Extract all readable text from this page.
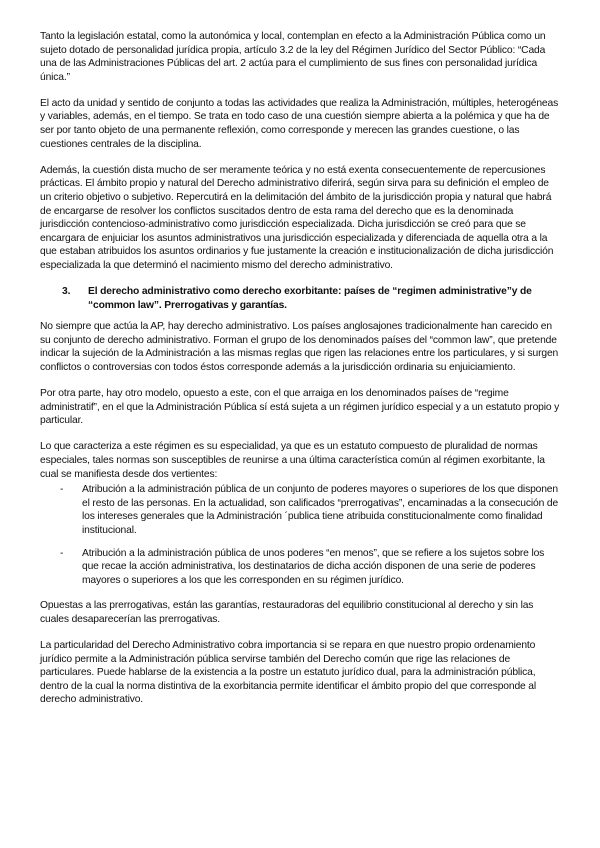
Tanto la legislación estatal, como la autonómica y local, contemplan en efecto a la Administración Pública como un sujeto dotado de personalidad jurídica propia, artículo 3.2 de la ley del Régimen Jurídico del Sector Público: “Cada una de las Administraciones Públicas del art. 2 actúa para el cumplimiento de sus fines con personalidad jurídica única.”

El acto da unidad y sentido de conjunto a todas las actividades que realiza la Administración, múltiples, heterogéneas y variables, además, en el tiempo. Se trata en todo caso de una cuestión siempre abierta a la polémica y que ha de ser por tanto objeto de una permanente reflexión, como corresponde y merecen las grandes cuestione, o las cuestiones centrales de la disciplina.

Además, la cuestión dista mucho de ser meramente teórica y no está exenta consecuentemente de repercusiones prácticas. El ámbito propio y natural del Derecho administrativo diferirá, según sirva para su definición el empleo de un criterio objetivo o subjetivo. Repercutirá en la delimitación del ámbito de la jurisdicción propia y natural que habrá de encargarse de resolver los conflictos suscitados dentro de esta rama del derecho que es la denominada jurisdicción contencioso-administrativo como jurisdicción especializada. Dicha jurisdicción se creó para que se encargara de enjuiciar los asuntos administrativos una jurisdicción especializada y diferenciada de aquella otra a la que estaban atribuidos los asuntos ordinarios y fue justamente la creación e institucionalización de dicha jurisdicción especializada la que determinó el nacimiento mismo del derecho administrativo.

3.	El derecho administrativo como derecho exorbitante: países de “regimen administrative”y de “common law”. Prerrogativas y garantías.

No siempre que actúa la AP, hay derecho administrativo. Los países anglosajones tradicionalmente han carecido en su conjunto de derecho administrativo. Forman el grupo de los denominados países del “common law”, que pretende indicar la sujeción de la Administración a las mismas reglas que rigen las relaciones entre los particulares, y si surgen conflictos o controversias con todos éstos corresponde además a la jurisdicción ordinaria su enjuiciamiento.

Por otra parte, hay otro modelo, opuesto a este, con el que arraiga en los denominados países de “regime administratif”, en el que la Administración Pública sí está sujeta a un régimen jurídico especial y a un estatuto propio y particular.

Lo que caracteriza a este régimen es su especialidad, ya que es un estatuto compuesto de pluralidad de normas especiales, tales normas son susceptibles de reunirse a una última característica común al régimen exorbitante, la cual se manifiesta desde dos vertientes:

-	Atribución a la administración pública de un conjunto de poderes mayores o superiores de los que disponen el resto de las personas. En la actualidad, son calificados “prerrogativas”, encaminadas a la consecución de los intereses generales que la Administración ´publica tiene atribuida constitucionalmente como finalidad institucional.
-	Atribución a la administración pública de unos poderes “en menos”, que se refiere a los sujetos sobre los que recae la acción administrativa, los destinatarios de dicha acción disponen de una serie de poderes mayores o superiores a los que les corresponden en su régimen jurídico.

Opuestas a las prerrogativas, están las garantías, restauradoras del equilibrio constitucional al derecho y sin las cuales desaparecerían las prerrogativas.

La particularidad del Derecho Administrativo cobra importancia si se repara en que nuestro propio ordenamiento jurídico permite a la Administración pública servirse también del Derecho común que rige las relaciones de particulares. Puede hablarse de la existencia a la postre un estatuto jurídico dual, para la administración pública, dentro de la cual la norma distintiva de la exorbitancia permite identificar el ámbito propio del que corresponde al derecho administrativo.
